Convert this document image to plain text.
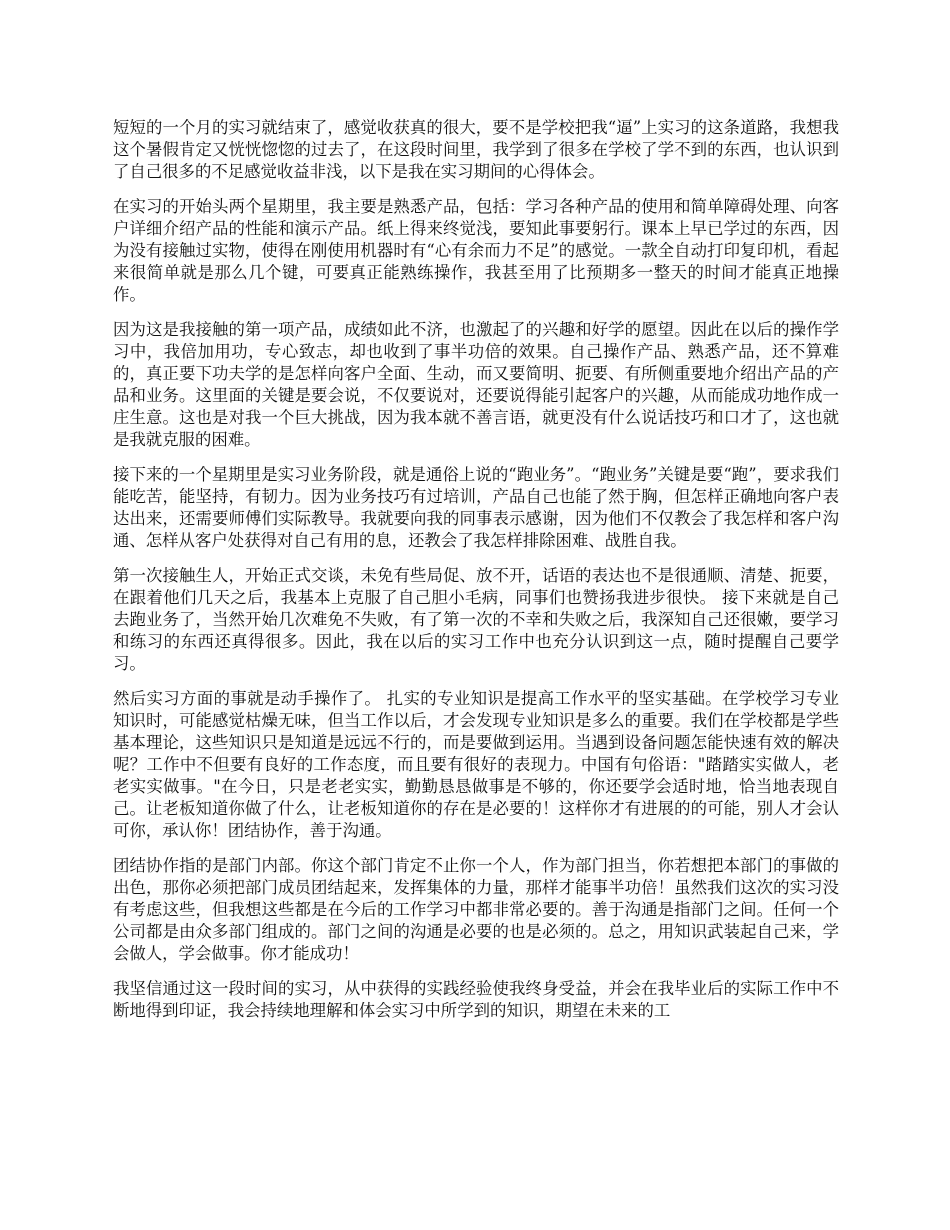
短短的一个月的实习就结束了，感觉收获真的很大，要不是学校把我“逼”上实习的这条道路，我想我这个暑假肯定又恍恍惚惚的过去了，在这段时间里，我学到了很多在学校了学不到的东西，也认识到了自己很多的不足感觉收益非浅，以下是我在实习期间的心得体会。

在实习的开始头两个星期里，我主要是熟悉产品，包括：学习各种产品的使用和简单障碍处理、向客户详细介绍产品的性能和演示产品。纸上得来终觉浅，要知此事要躬行。课本上早已学过的东西，因为没有接触过实物，使得在刚使用机器时有“心有余而力不足”的感觉。一款全自动打印复印机，看起来很简单就是那么几个键，可要真正能熟练操作，我甚至用了比预期多一整天的时间才能真正地操作。

因为这是我接触的第一项产品，成绩如此不济，也激起了的兴趣和好学的愿望。因此在以后的操作学习中，我倍加用功，专心致志，却也收到了事半功倍的效果。自己操作产品、熟悉产品，还不算难的，真正要下功夫学的是怎样向客户全面、生动，而又要简明、扼要、有所侧重要地介绍出产品的产品和业务。这里面的关键是要会说，不仅要说对，还要说得能引起客户的兴趣，从而能成功地作成一庄生意。这也是对我一个巨大挑战，因为我本就不善言语，就更没有什么说话技巧和口才了，这也就是我就克服的困难。

接下来的一个星期里是实习业务阶段，就是通俗上说的“跑业务”。“跑业务”关键是要“跑”，要求我们能吃苦，能坚持，有韧力。因为业务技巧有过培训，产品自己也能了然于胸，但怎样正确地向客户表达出来，还需要师傅们实际教导。我就要向我的同事表示感谢，因为他们不仅教会了我怎样和客户沟通、怎样从客户处获得对自己有用的息，还教会了我怎样排除困难、战胜自我。

第一次接触生人，开始正式交谈，未免有些局促、放不开，话语的表达也不是很通顺、清楚、扼要，在跟着他们几天之后，我基本上克服了自己胆小毛病，同事们也赞扬我进步很快。 接下来就是自己去跑业务了，当然开始几次难免不失败，有了第一次的不幸和失败之后，我深知自己还很嫩，要学习和练习的东西还真得很多。因此，我在以后的实习工作中也充分认识到这一点，随时提醒自己要学习。

然后实习方面的事就是动手操作了。 扎实的专业知识是提高工作水平的坚实基础。在学校学习专业知识时，可能感觉枯燥无味，但当工作以后，才会发现专业知识是多么的重要。我们在学校都是学些基本理论，这些知识只是知道是远远不行的，而是要做到运用。当遇到设备问题怎能快速有效的解决呢？工作中不但要有良好的工作态度，而且要有很好的表现力。中国有句俗语："踏踏实实做人，老老实实做事。"在今日，只是老老实实，勤勤恳恳做事是不够的，你还要学会适时地，恰当地表现自己。让老板知道你做了什么，让老板知道你的存在是必要的！这样你才有进展的的可能，别人才会认可你，承认你！团结协作，善于沟通。

团结协作指的是部门内部。你这个部门肯定不止你一个人，作为部门担当，你若想把本部门的事做的出色，那你必须把部门成员团结起来，发挥集体的力量，那样才能事半功倍！虽然我们这次的实习没有考虑这些，但我想这些都是在今后的工作学习中都非常必要的。善于沟通是指部门之间。任何一个公司都是由众多部门组成的。部门之间的沟通是必要的也是必须的。总之，用知识武装起自己来，学会做人，学会做事。你才能成功！

我坚信通过这一段时间的实习，从中获得的实践经验使我终身受益，并会在我毕业后的实际工作中不断地得到印证，我会持续地理解和体会实习中所学到的知识，期望在未来的工
